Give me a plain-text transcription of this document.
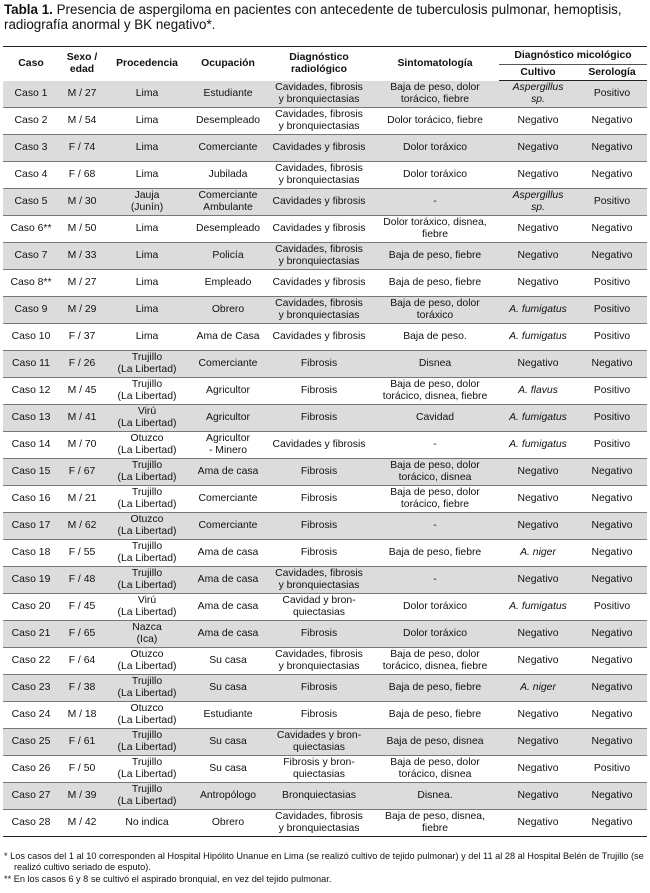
Tabla 1. Presencia de aspergiloma en pacientes con antecedente de tuberculosis pulmonar, hemoptisis, radiografía anormal y BK negativo*.
Caso	Sexo /
edad	Procedencia	Ocupación	Diagnóstico
radiológico	Sintomatología	Diagnóstico micológico	
						Cultivo	Serología
Caso 1	M / 27	Lima	Estudiante	Cavidades, fibrosis
y bronquiectasias	Baja de peso, dolor
torácico, fiebre	Aspergillus
sp.	Positivo
Caso 2	M / 54	Lima	Desempleado	Cavidades, fibrosis
y bronquiectasias	Dolor torácico, fiebre	Negativo	Negativo
Caso 3	F / 74	Lima	Comerciante	Cavidades y fibrosis	Dolor toráxico	Negativo	Negativo
Caso 4	F / 68	Lima	Jubilada	Cavidades, fibrosis
y bronquiectasias	Dolor toráxico	Negativo	Negativo
Caso 5	M / 30	Jauja
(Junín)	Comerciante
Ambulante	Cavidades y fibrosis	-	Aspergillus
sp.	Positivo
Caso 6**	M / 50	Lima	Desempleado	Cavidades y fibrosis	Dolor toráxico, disnea,
fiebre	Negativo	Negativo
Caso 7	M / 33	Lima	Policía	Cavidades, fibrosis
y bronquiectasias	Baja de peso, fiebre	Negativo	Negativo
Caso 8**	M / 27	Lima	Empleado	Cavidades y fibrosis	Baja de peso, fiebre	Negativo	Positivo
Caso 9	M / 29	Lima	Obrero	Cavidades, fibrosis
y bronquiectasias	Baja de peso, dolor
toráxico	A. fumigatus	Positivo
Caso 10	F / 37	Lima	Ama de Casa	Cavidades y fibrosis	Baja de peso.	A. fumigatus	Positivo
Caso 11	F / 26	Trujillo
(La Libertad)	Comerciante	Fibrosis	Disnea	Negativo	Negativo
Caso 12	M / 45	Trujillo
(La Libertad)	Agricultor	Fibrosis	Baja de peso, dolor
torácico, disnea, fiebre	A. flavus	Positivo
Caso 13	M / 41	Virú
(La Libertad)	Agricultor	Fibrosis	Cavidad	A. fumigatus	Positivo
Caso 14	M / 70	Otuzco
(La Libertad)	Agricultor
- Minero	Cavidades y fibrosis	-	A. fumigatus	Positivo
Caso 15	F / 67	Trujillo
(La Libertad)	Ama de casa	Fibrosis	Baja de peso, dolor
torácico, disnea	Negativo	Negativo
Caso 16	M / 21	Trujillo
(La Libertad)	Comerciante	Fibrosis	Baja de peso, dolor
torácico, fiebre	Negativo	Negativo
Caso 17	M / 62	Otuzco
(La Libertad)	Comerciante	Fibrosis	-	Negativo	Negativo
Caso 18	F / 55	Trujillo
(La Libertad)	Ama de casa	Fibrosis	Baja de peso, fiebre	A. niger	Negativo
Caso 19	F / 48	Trujillo
(La Libertad)	Ama de casa	Cavidades, fibrosis
y bronquiectasias	-	Negativo	Negativo
Caso 20	F / 45	Virú
(La Libertad)	Ama de casa	Cavidad y bron-
quiectasias	Dolor toráxico	A. fumigatus	Positivo
Caso 21	F / 65	Nazca
(Ica)	Ama de casa	Fibrosis	Dolor toráxico	Negativo	Negativo
Caso 22	F / 64	Otuzco
(La Libertad)	Su casa	Cavidades, fibrosis
y bronquiectasias	Baja de peso, dolor
torácico, disnea, fiebre	Negativo	Negativo
Caso 23	F / 38	Trujillo
(La Libertad)	Su casa	Fibrosis	Baja de peso, fiebre	A. niger	Negativo
Caso 24	M / 18	Otuzco
(La Libertad)	Estudiante	Fibrosis	Baja de peso, fiebre	Negativo	Negativo
Caso 25	F / 61	Trujillo
(La Libertad)	Su casa	Cavidades y bron-
quiectasias	Baja de peso, disnea	Negativo	Negativo
Caso 26	F / 50	Trujillo
(La Libertad)	Su casa	Fibrosis y bron-
quiectasias	Baja de peso, dolor
torácico, disnea	Negativo	Positivo
Caso 27	M / 39	Trujillo
(La Libertad)	Antropólogo	Bronquiectasias	Disnea.	Negativo	Negativo
Caso 28	M / 42	No indica	Obrero	Cavidades, fibrosis
y bronquiectasias	Baja de peso, disnea,
fiebre	Negativo	Negativo
* Los casos del 1 al 10 corresponden al Hospital Hipólito Unanue en Lima (se realizó cultivo de tejido pulmonar) y del 11 al 28 al Hospital Belén de Trujillo (se realizó cultivo seriado de esputo).
** En los casos 6 y 8 se cultivó el aspirado bronquial, en vez del tejido pulmonar.
